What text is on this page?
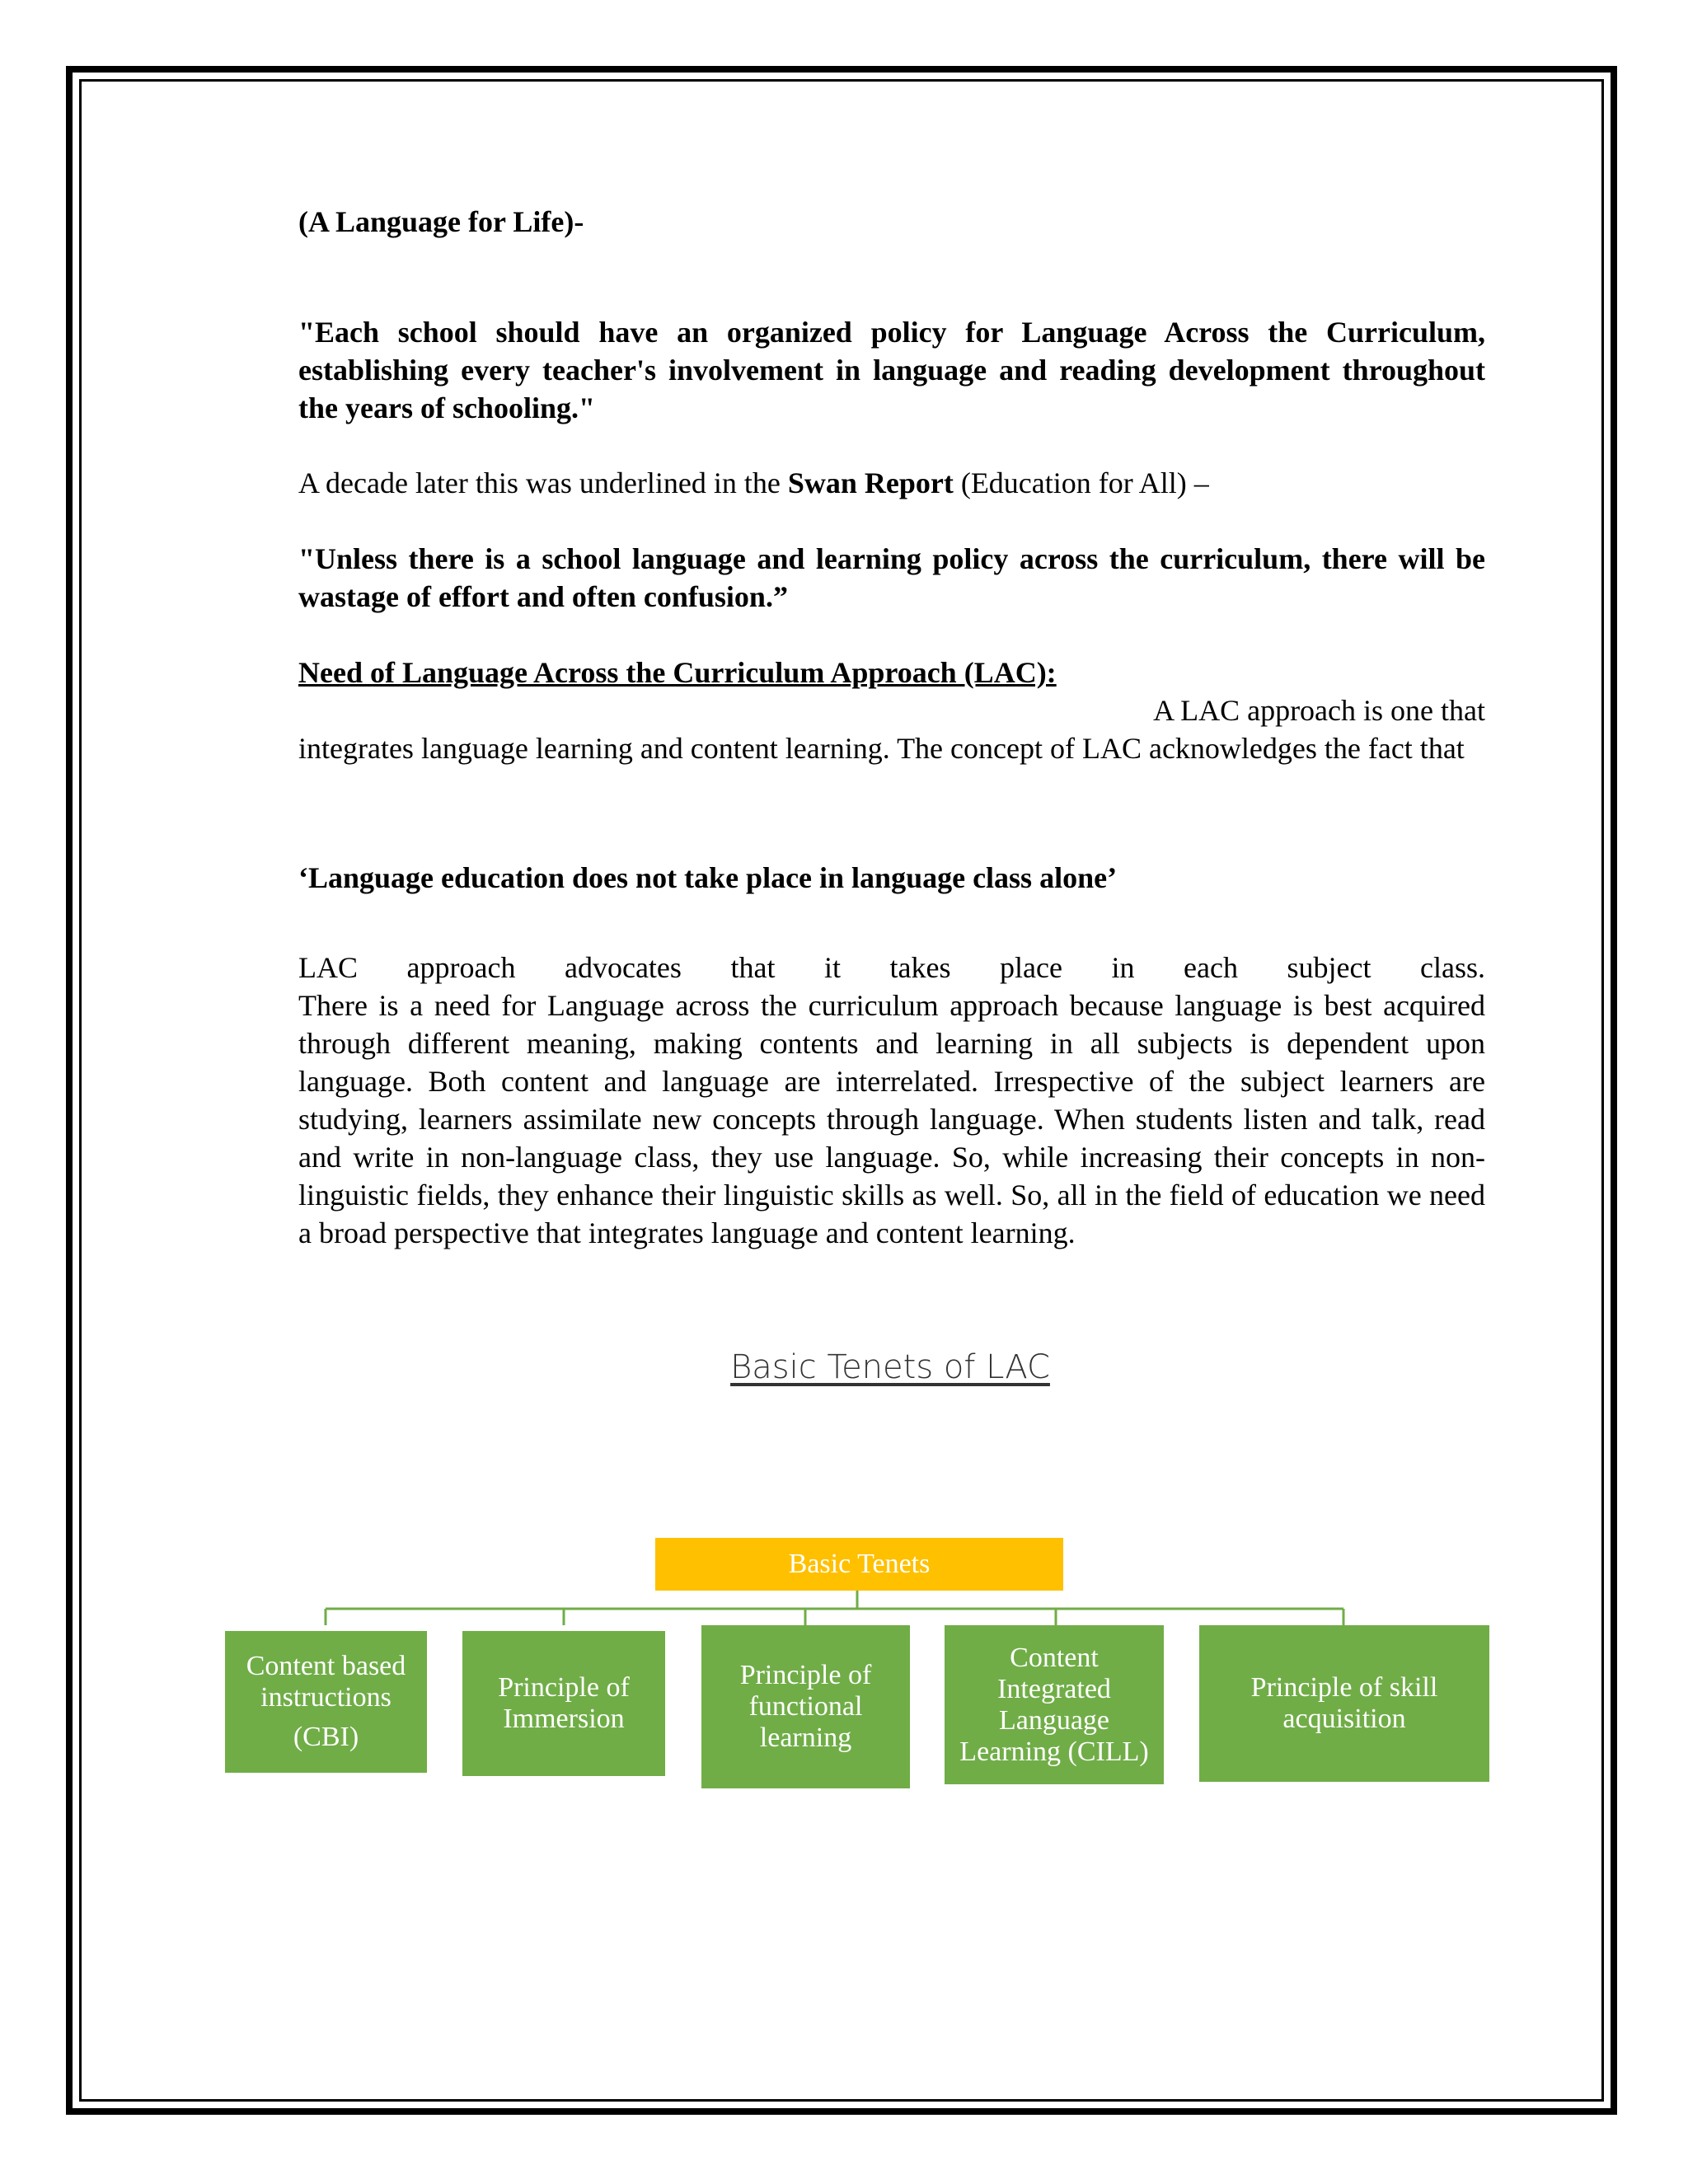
(A Language for Life)-
"Each school should have an organized policy for Language Across the Curriculum, establishing every teacher's involvement in language and reading development throughout the years of schooling."
A decade later this was underlined in the Swan Report (Education for All) –
"Unless there is a school language and learning policy across the curriculum, there will be wastage of effort and often confusion.”
Need of Language Across the Curriculum Approach (LAC):
A LAC approach is one that
integrates language learning and content learning. The concept of LAC acknowledges the fact that
‘Language education does not take place in language class alone’
LAC approach advocates that it takes place in each subject class.
There is a need for Language across the curriculum approach because language is best acquired through different meaning, making contents and learning in all subjects is dependent upon language. Both content and language are interrelated. Irrespective of the subject learners are studying, learners assimilate new concepts through language. When students listen and talk, read and write in non-language class, they use language. So, while increasing their concepts in non-linguistic fields, they enhance their linguistic skills as well. So, all in the field of education we need a broad perspective that integrates language and content learning.
Basic Tenets of LAC
Basic Tenets
Content based instructions
(CBI)
Principle of Immersion
Principle of functional learning
Content Integrated Language Learning (CILL)
Principle of skill acquisition
